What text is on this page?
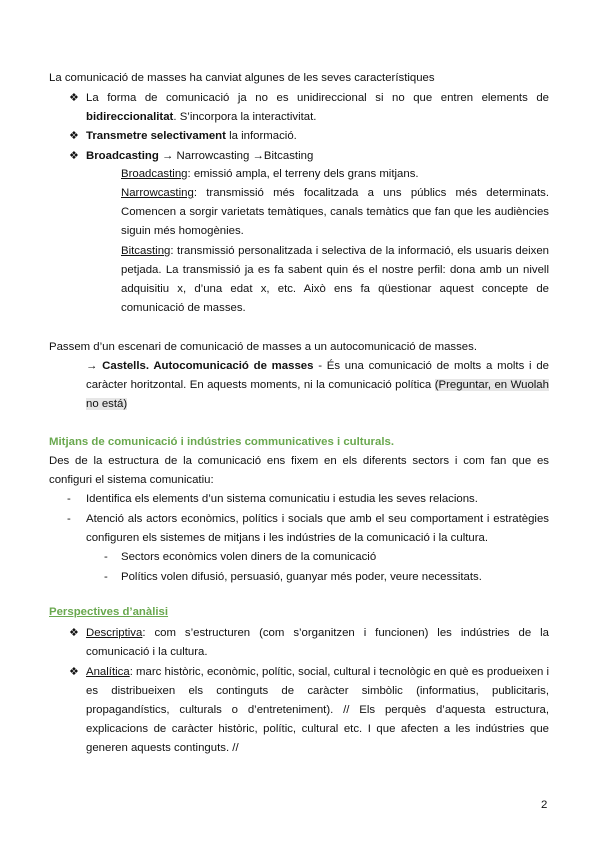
La comunicació de masses ha canviat algunes de les seves característiques
❖ La forma de comunicació ja no es unidireccional si no que entren elements de bidireccionalitat. S’incorpora la interactivitat.
❖ Transmetre selectivament la informació.
❖ Broadcasting → Narrowcasting →Bitcasting
Broadcasting: emissió ampla, el terreny dels grans mitjans.
Narrowcasting: transmissió més focalitzada a uns públics més determinats. Comencen a sorgir varietats temàtiques, canals temàtics que fan que les audiències siguin més homogènies.
Bitcasting: transmissió personalitzada i selectiva de la informació, els usuaris deixen petjada. La transmissió ja es fa sabent quin és el nostre perfil: dona amb un nivell adquisitiu x, d’una edat x, etc. Això ens fa qüestionar aquest concepte de comunicació de masses.
Passem d’un escenari de comunicació de masses a un autocomunicació de masses.
→ Castells. Autocomunicació de masses - És una comunicació de molts a molts i de caràcter horitzontal. En aquests moments, ni la comunicació política (Preguntar, en Wuolah no está)
Mitjans de comunicació i indústries communicatives i culturals.
Des de la estructura de la comunicació ens fixem en els diferents sectors i com fan que es configuri el sistema comunicatiu:
- Identifica els elements d’un sistema comunicatiu i estudia les seves relacions.
- Atenció als actors econòmics, polítics i socials que amb el seu comportament i estratègies configuren els sistemes de mitjans i les indústries de la comunicació i la cultura.
- Sectors econòmics volen diners de la comunicació
- Polítics volen difusió, persuasió, guanyar més poder, veure necessitats.
Perspectives d’anàlisi
❖ Descriptiva: com s’estructuren (com s’organitzen i funcionen) les indústries de la comunicació i la cultura.
❖ Analítica: marc històric, econòmic, polític, social, cultural i tecnològic en què es produeixen i es distribueixen els continguts de caràcter simbòlic (informatius, publicitaris, propagandístics, culturals o d’entreteniment). // Els perquès d’aquesta estructura, explicacions de caràcter històric, polític, cultural etc. I que afecten a les indústries que generen aquests continguts. //
2
